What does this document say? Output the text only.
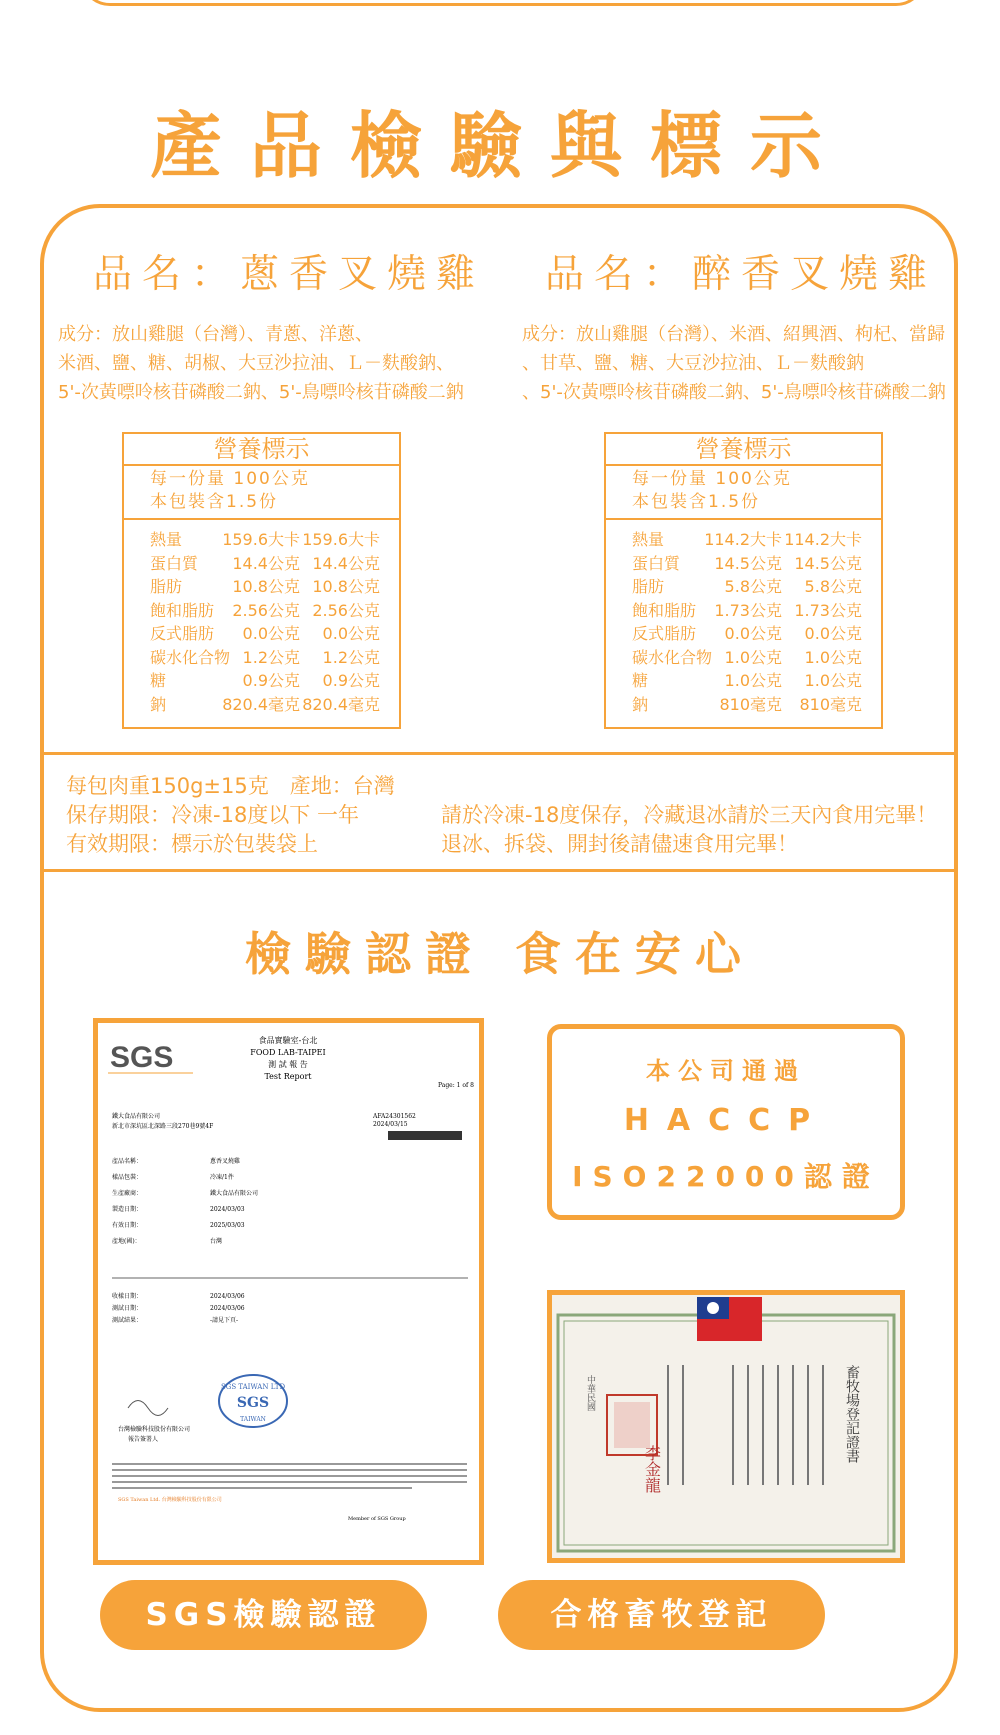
產品檢驗與標示
品名：蔥香叉燒雞
成分：放山雞腿（台灣）、青蔥、洋蔥、
米酒、鹽、糖、胡椒、大豆沙拉油、Ｌ－麩酸鈉、
5'-次黃嘌呤核苷磷酸二鈉、5'-鳥嘌呤核苷磷酸二鈉
營養標示
每一份量 100公克
本包裝含1.5份
熱量	159.6大卡 159.6大卡
蛋白質	14.4公克 14.4公克
脂肪	10.8公克 10.8公克
飽和脂肪	2.56公克 2.56公克
反式脂肪	0.0公克	0.0公克
碳水化合物 1.2公克	1.2公克
糖	0.9公克	0.9公克
鈉	820.4毫克 820.4毫克
品名：醉香叉燒雞
成分：放山雞腿（台灣）、米酒、紹興酒、枸杞、當歸
、甘草、鹽、糖、大豆沙拉油、Ｌ－麩酸鈉
、5'-次黃嘌呤核苷磷酸二鈉、5'-鳥嘌呤核苷磷酸二鈉
營養標示
每一份量 100公克
本包裝含1.5份
熱量	114.2大卡 114.2大卡
蛋白質	14.5公克 14.5公克
脂肪	5.8公克	5.8公克
飽和脂肪	1.73公克 1.73公克
反式脂肪	0.0公克	0.0公克
碳水化合物 1.0公克	1.0公克
糖	1.0公克	1.0公克
鈉	810毫克	810毫克
每包肉重150g±15克　產地：台灣
保存期限：冷凍-18度以下 一年
有效期限：標示於包裝袋上
請於冷凍-18度保存，冷藏退冰請於三天內食用完畢！
退冰、拆袋、開封後請儘速食用完畢！
檢驗認證 食在安心
SGS
食品實驗室-台北
FOOD LAB-TAIPEI
測 試 報 告
Test Report
Page: 1 of 8
鐵大食品有限公司
新北市深坑區北深路三段270巷9號4F
AFA24301562
2024/03/15
產品名稱：	蔥香叉燒雞
樣品包裝：	冷凍/1件
生產廠商：	鐵大食品有限公司
製造日期：	2024/03/03
有效日期：	2025/03/03
產地(國)：	台灣
收樣日期：	2024/03/06
測試日期：	2024/03/06
測試結果：	-請見下頁-
SGS TAIWAN LTD
SGS
TAIWAN
台灣檢驗科技股份有限公司
報告簽署人
SGS Taiwan Ltd. 台灣檢驗科技股份有限公司
Member of SGS Group
本公司通過
HACCP
ISO22000認證
畜牧場登記證書
中華民國
李金龍
SGS檢驗認證	合格畜牧登記
